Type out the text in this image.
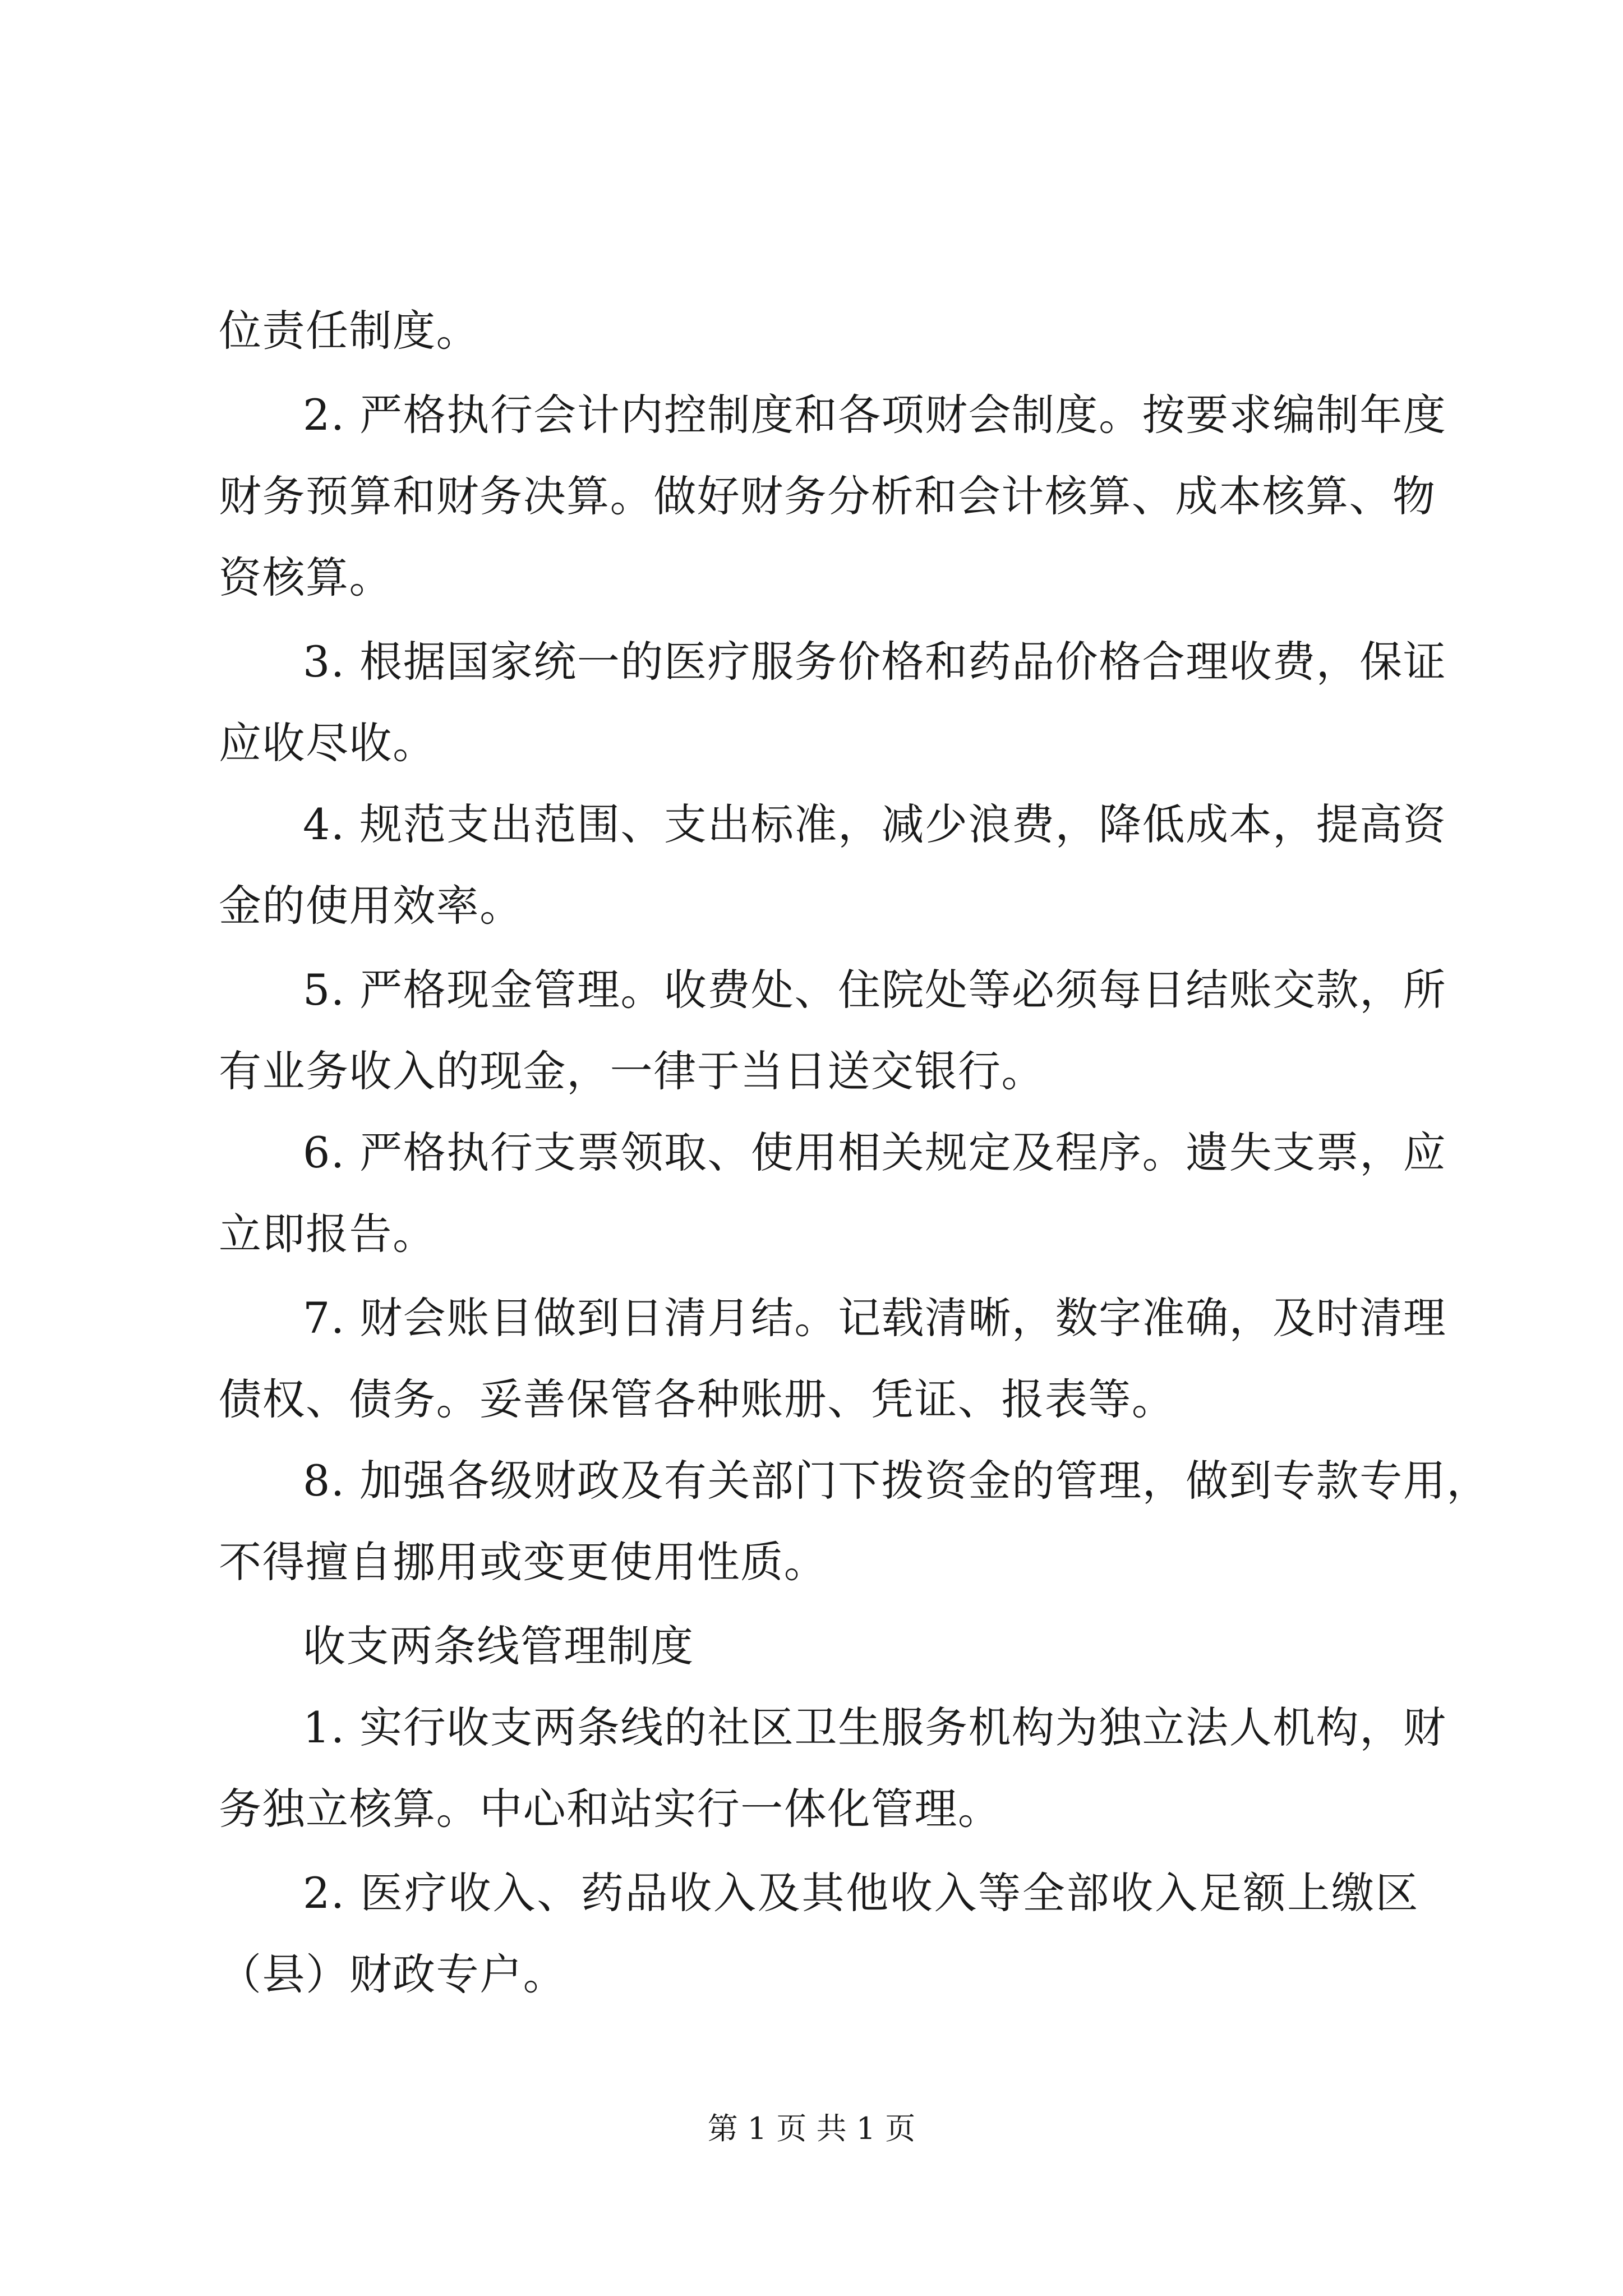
位责任制度。
2. 严格执行会计内控制度和各项财会制度。按要求编制年度
财务预算和财务决算。做好财务分析和会计核算、成本核算、物
资核算。
3. 根据国家统一的医疗服务价格和药品价格合理收费，保证
应收尽收。
4. 规范支出范围、支出标准，减少浪费，降低成本，提高资
金的使用效率。
5. 严格现金管理。收费处、住院处等必须每日结账交款，所
有业务收入的现金，一律于当日送交银行。
6. 严格执行支票领取、使用相关规定及程序。遗失支票，应
立即报告。
7. 财会账目做到日清月结。记载清晰，数字准确，及时清理
债权、债务。妥善保管各种账册、凭证、报表等。
8. 加强各级财政及有关部门下拨资金的管理，做到专款专用，
不得擅自挪用或变更使用性质。
收支两条线管理制度
1. 实行收支两条线的社区卫生服务机构为独立法人机构，财
务独立核算。中心和站实行一体化管理。
2. 医疗收入、药品收入及其他收入等全部收入足额上缴区
（县）财政专户。
第 1 页 共 1 页
